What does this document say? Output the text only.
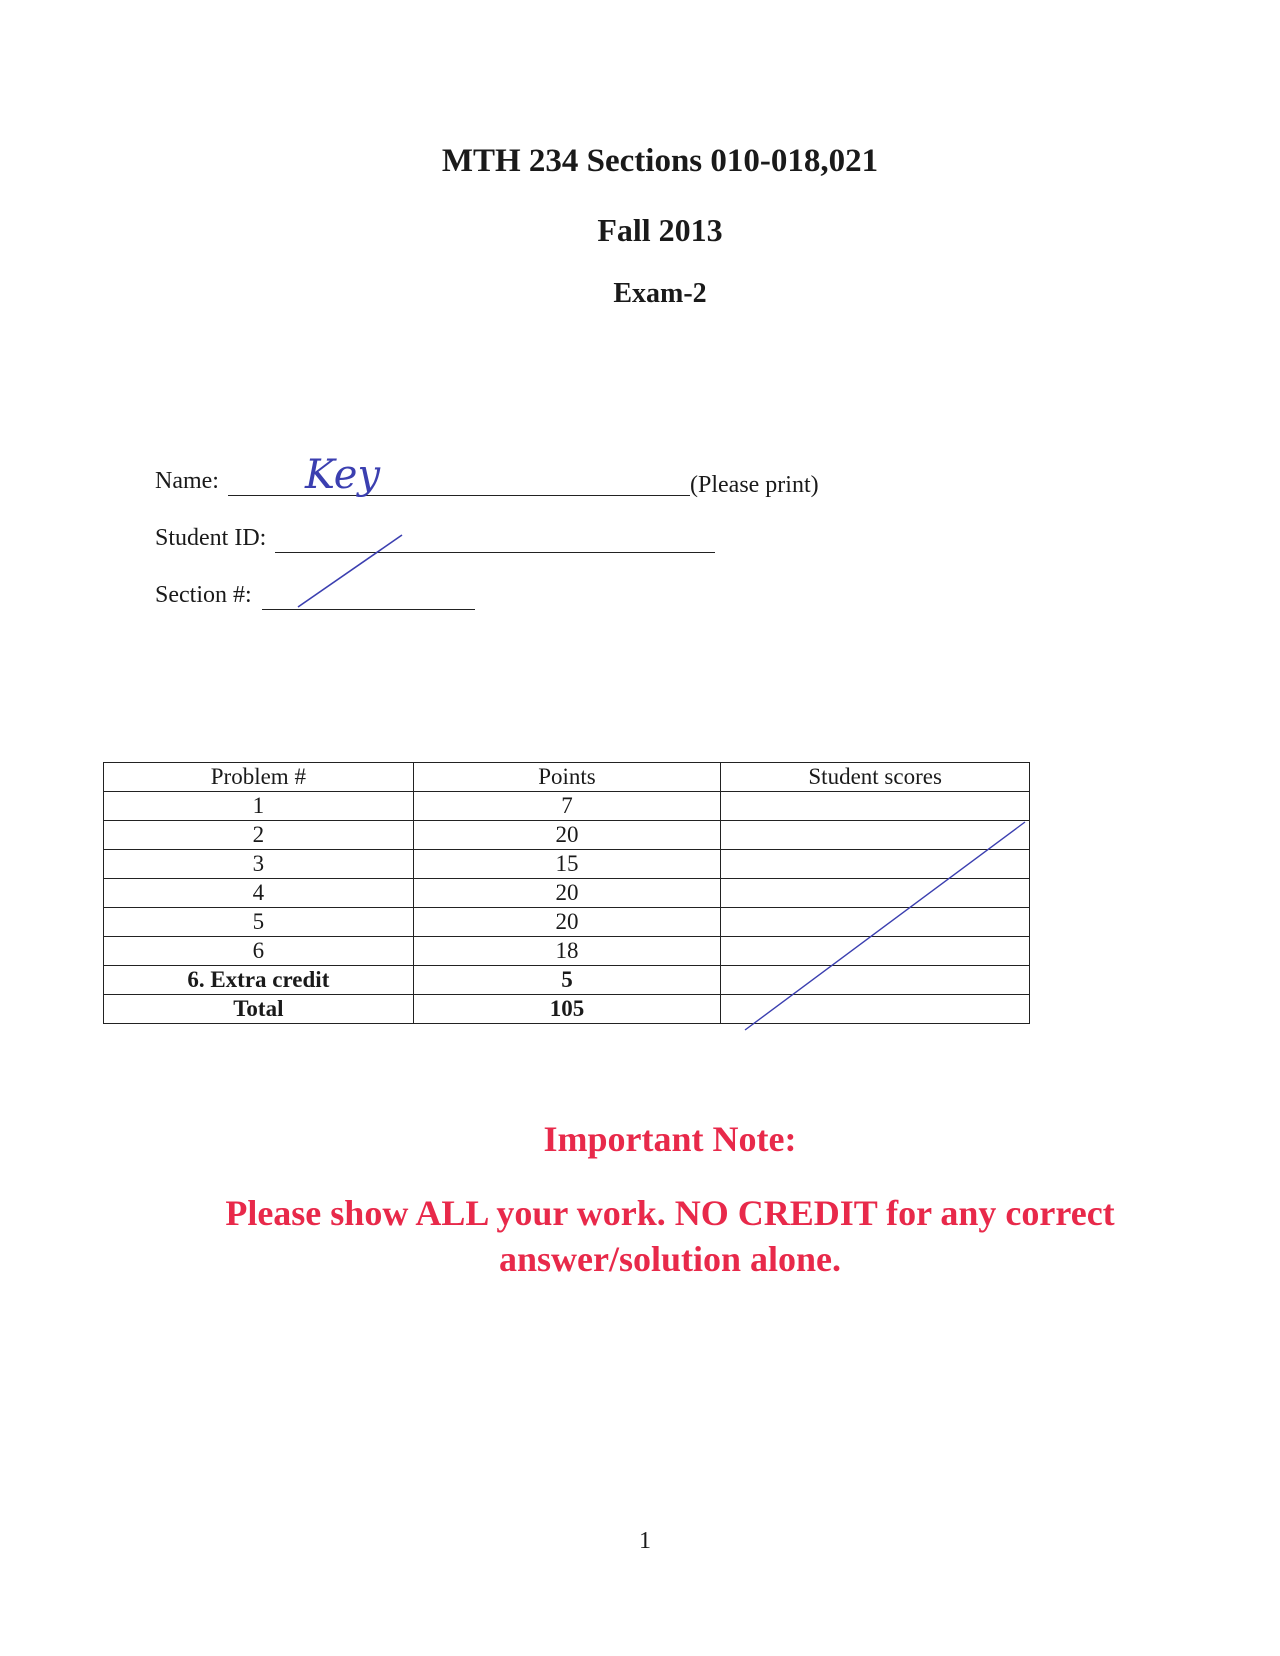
MTH 234 Sections 010-018,021
Fall 2013
Exam-2
Name: Key	(Please print)
Student ID:
Section #:
Problem #	Points	Student scores
1	7	
2	20	
3	15	
4	20	
5	20	
6	18	
6. Extra credit	5	
Total	105	
Important Note:
Please show ALL your work. NO CREDIT for any correct
answer/solution alone.
1
